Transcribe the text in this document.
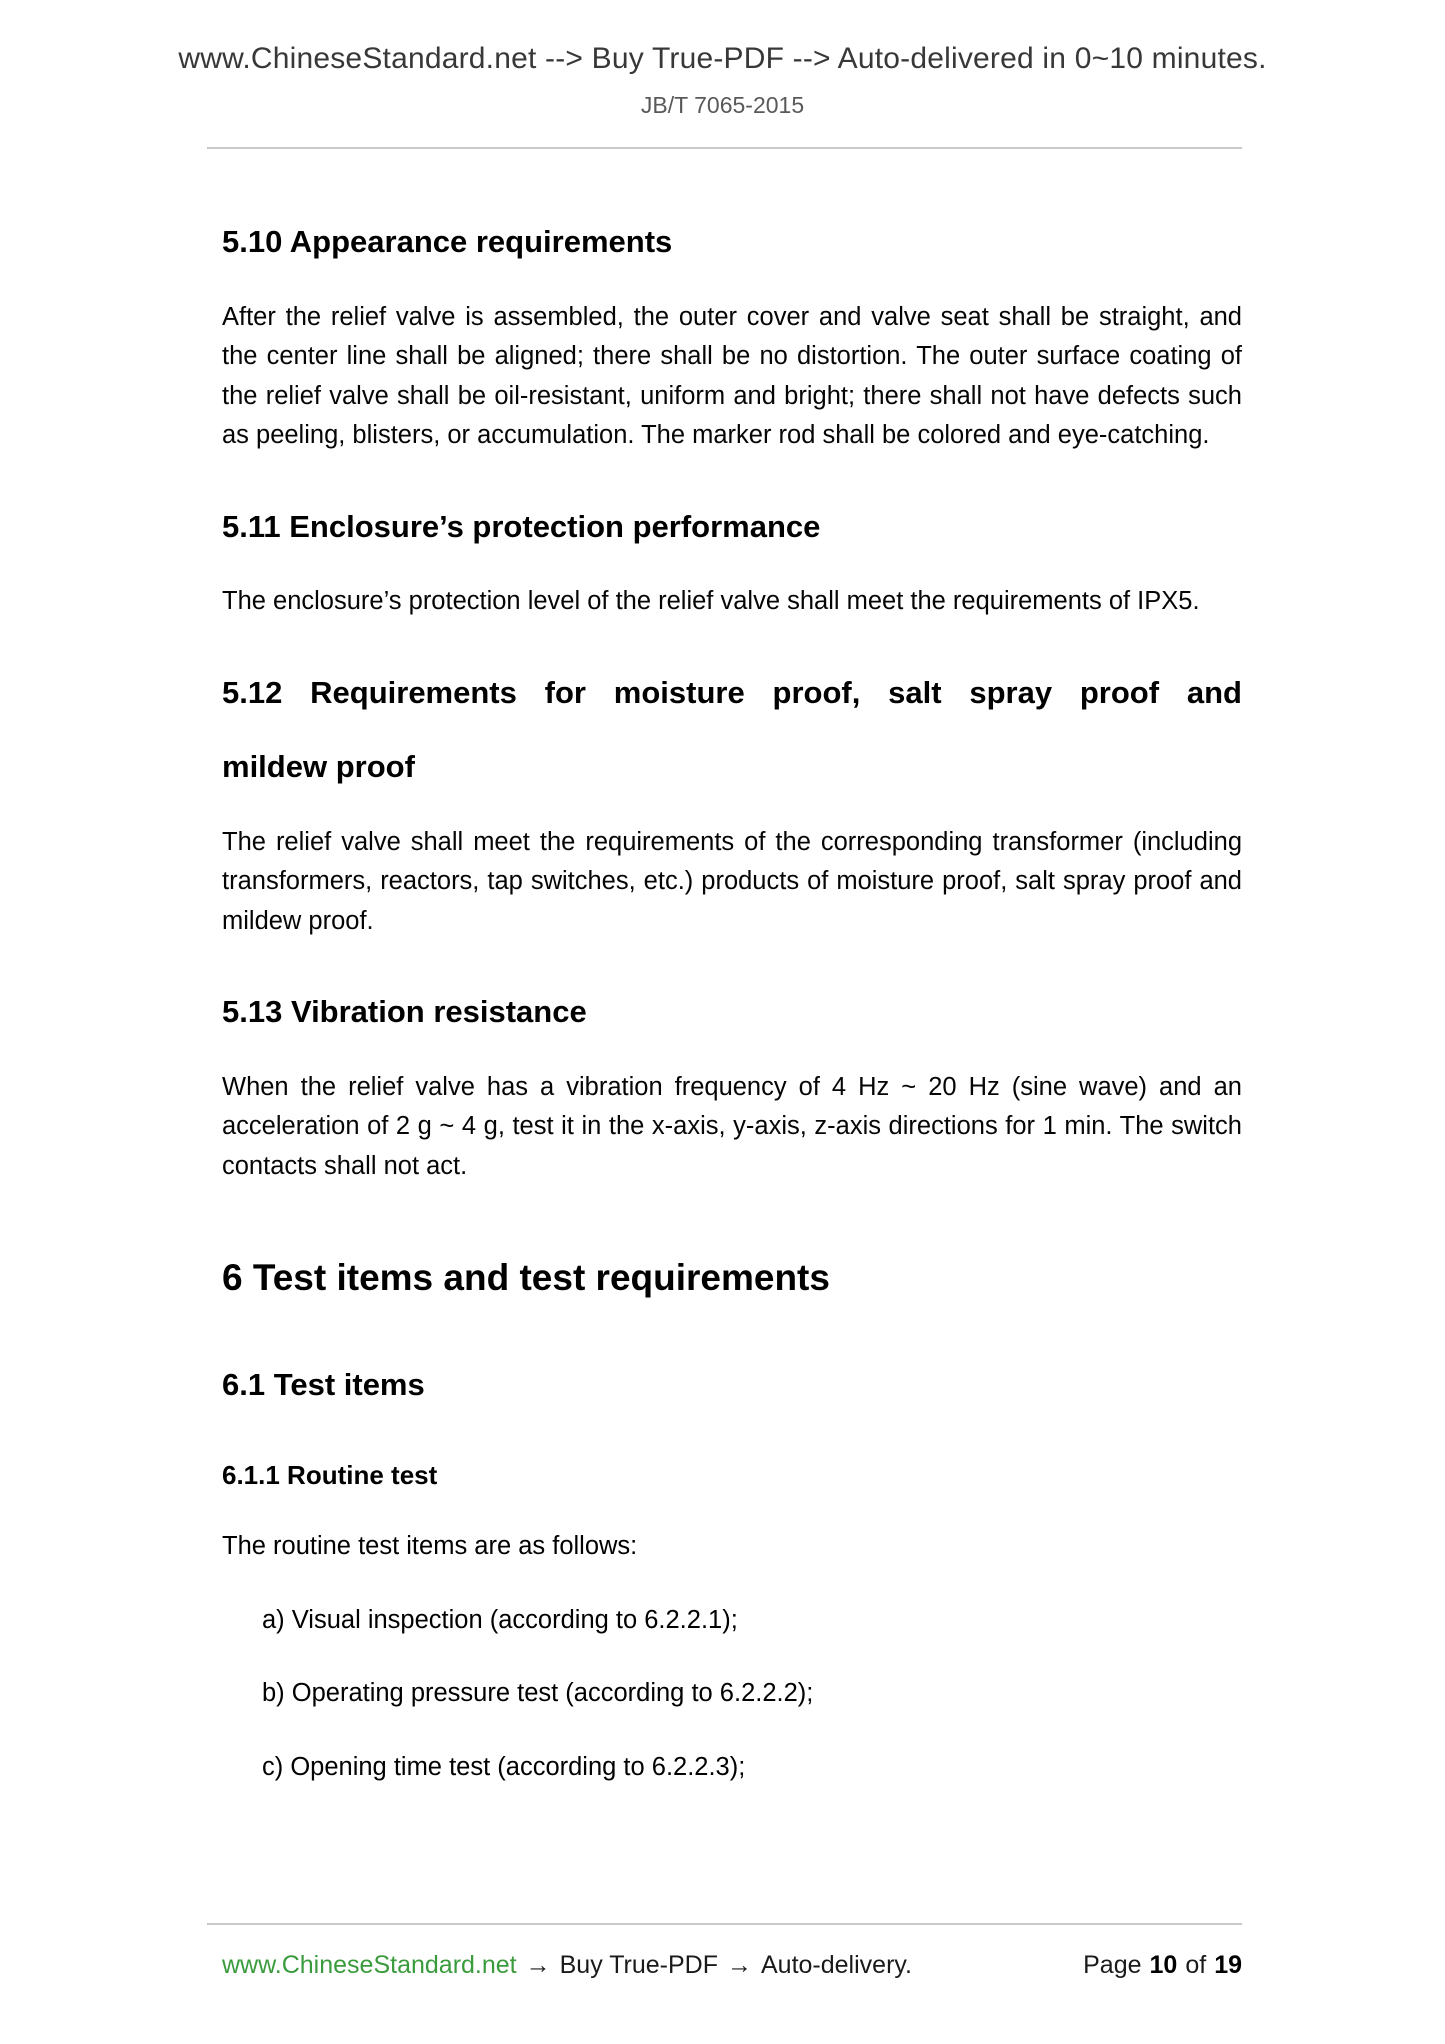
www.ChineseStandard.net --> Buy True-PDF --> Auto-delivered in 0~10 minutes.
JB/T 7065-2015
5.10 Appearance requirements

After the relief valve is assembled, the outer cover and valve seat shall be straight, and the center line shall be aligned; there shall be no distortion. The outer surface coating of the relief valve shall be oil-resistant, uniform and bright; there shall not have defects such as peeling, blisters, or accumulation. The marker rod shall be colored and eye-catching.

5.11 Enclosure’s protection performance

The enclosure’s protection level of the relief valve shall meet the requirements of IPX5.

5.12 Requirements for moisture proof, salt spray proof and
mildew proof

The relief valve shall meet the requirements of the corresponding transformer (including transformers, reactors, tap switches, etc.) products of moisture proof, salt spray proof and mildew proof.

5.13 Vibration resistance

When the relief valve has a vibration frequency of 4 Hz ~ 20 Hz (sine wave) and an acceleration of 2 g ~ 4 g, test it in the x-axis, y-axis, z-axis directions for 1 min. The switch contacts shall not act.

6 Test items and test requirements
6.1 Test items
6.1.1 Routine test

The routine test items are as follows:

a) Visual inspection (according to 6.2.2.1);
b) Operating pressure test (according to 6.2.2.2);
c) Opening time test (according to 6.2.2.3);
www.ChineseStandard.net → Buy True-PDF → Auto-delivery.	Page 10 of 19
